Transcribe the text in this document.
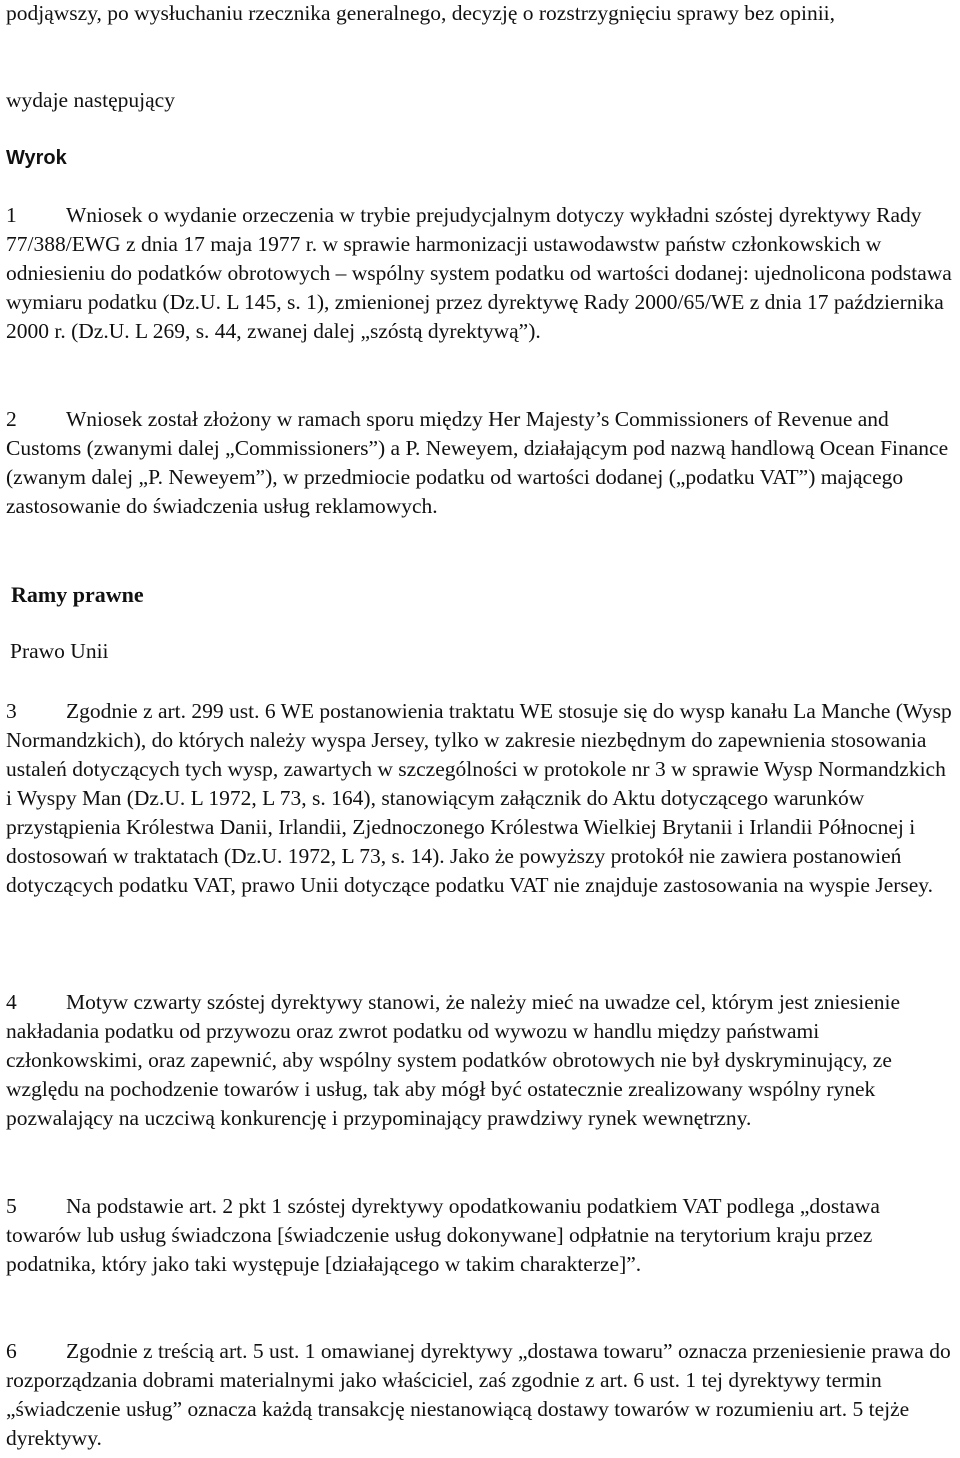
podjąwszy, po wysłuchaniu rzecznika generalnego, decyzję o rozstrzygnięciu sprawy bez opinii,

wydaje następujący

Wyrok
1 Wniosek o wydanie orzeczenia w trybie prejudycjalnym dotyczy wykładni szóstej dyrektywy Rady 77/388/EWG z dnia 17 maja 1977 r. w sprawie harmonizacji ustawodawstw państw członkowskich w odniesieniu do podatków obrotowych – wspólny system podatku od wartości dodanej: ujednolicona podstawa wymiaru podatku (Dz.U. L 145, s. 1), zmienionej przez dyrektywę Rady 2000/65/WE z dnia 17 października 2000 r. (Dz.U. L 269, s. 44, zwanej dalej „szóstą dyrektywą”).
2 Wniosek został złożony w ramach sporu między Her Majesty’s Commissioners of Revenue and Customs (zwanymi dalej „Commissioners”) a P. Neweyem, działającym pod nazwą handlową Ocean Finance (zwanym dalej „P. Neweyem”), w przedmiocie podatku od wartości dodanej („podatku VAT”) mającego zastosowanie do świadczenia usług reklamowych.
Ramy prawne
Prawo Unii
3 Zgodnie z art. 299 ust. 6 WE postanowienia traktatu WE stosuje się do wysp kanału La Manche (Wysp Normandzkich), do których należy wyspa Jersey, tylko w zakresie niezbędnym do zapewnienia stosowania ustaleń dotyczących tych wysp, zawartych w szczególności w protokole nr 3 w sprawie Wysp Normandzkich i Wyspy Man (Dz.U. L 1972, L 73, s. 164), stanowiącym załącznik do Aktu dotyczącego warunków przystąpienia Królestwa Danii, Irlandii, Zjednoczonego Królestwa Wielkiej Brytanii i Irlandii Północnej i dostosowań w traktatach (Dz.U. 1972, L 73, s. 14). Jako że powyższy protokół nie zawiera postanowień dotyczących podatku VAT, prawo Unii dotyczące podatku VAT nie znajduje zastosowania na wyspie Jersey.
4 Motyw czwarty szóstej dyrektywy stanowi, że należy mieć na uwadze cel, którym jest zniesienie nakładania podatku od przywozu oraz zwrot podatku od wywozu w handlu między państwami członkowskimi, oraz zapewnić, aby wspólny system podatków obrotowych nie był dyskryminujący, ze względu na pochodzenie towarów i usług, tak aby mógł być ostatecznie zrealizowany wspólny rynek pozwalający na uczciwą konkurencję i przypominający prawdziwy rynek wewnętrzny.
5 Na podstawie art. 2 pkt 1 szóstej dyrektywy opodatkowaniu podatkiem VAT podlega „dostawa towarów lub usług świadczona [świadczenie usług dokonywane] odpłatnie na terytorium kraju przez podatnika, który jako taki występuje [działającego w takim charakterze]”.
6 Zgodnie z treścią art. 5 ust. 1 omawianej dyrektywy „dostawa towaru” oznacza przeniesienie prawa do rozporządzania dobrami materialnymi jako właściciel, zaś zgodnie z art. 6 ust. 1 tej dyrektywy termin „świadczenie usług” oznacza każdą transakcję niestanowiącą dostawy towarów w rozumieniu art. 5 tejże dyrektywy.
